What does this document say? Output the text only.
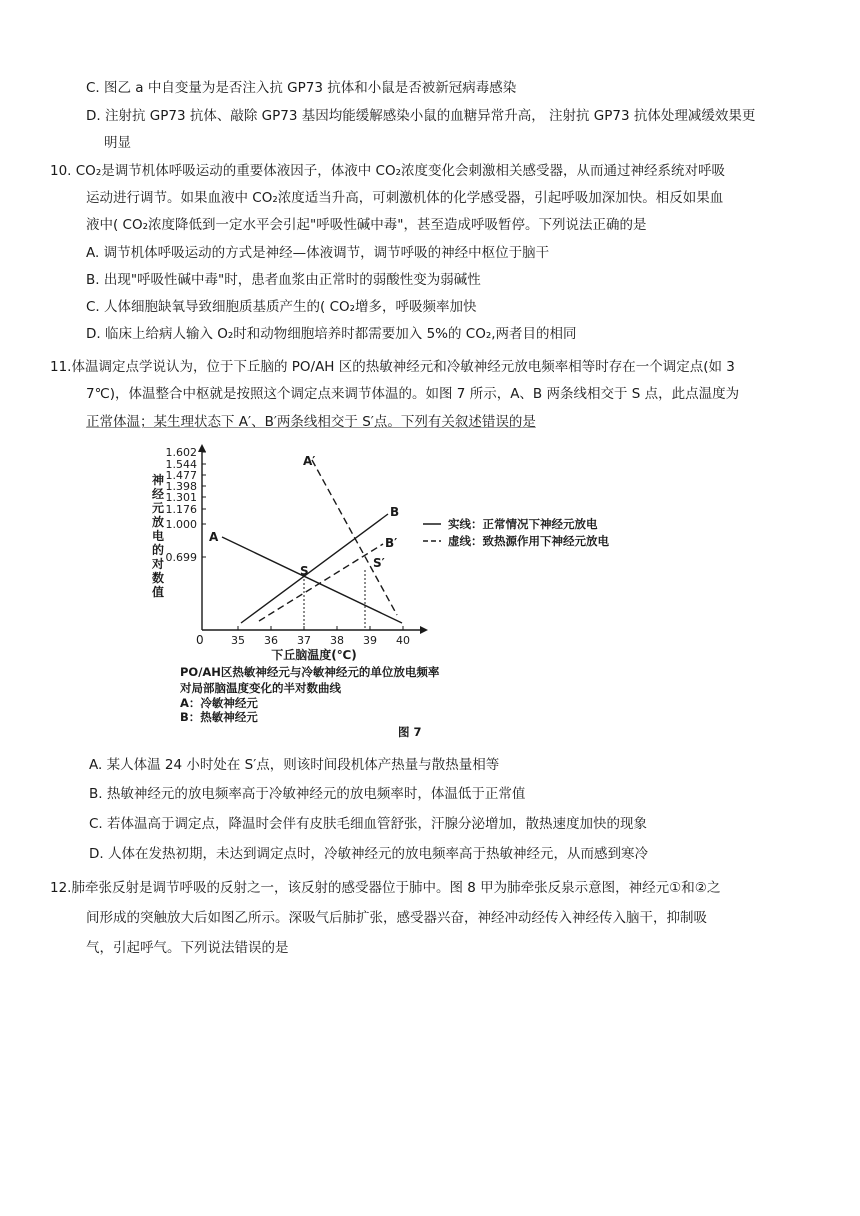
C. 图乙 a 中自变量为是否注入抗 GP73 抗体和小鼠是否被新冠病毒感染
D. 注射抗 GP73 抗体、敲除 GP73 基因均能缓解感染小鼠的血糖异常升高， 注射抗 GP73 抗体处理减缓效果更
明显
10. CO₂是调节机体呼吸运动的重要体液因子，体液中 CO₂浓度变化会刺激相关感受器，从而通过神经系统对呼吸
运动进行调节。如果血液中 CO₂浓度适当升高，可刺激机体的化学感受器，引起呼吸加深加快。相反如果血
液中( CO₂浓度降低到一定水平会引起"呼吸性碱中毒"，甚至造成呼吸暂停。下列说法正确的是
A. 调节机体呼吸运动的方式是神经—体液调节，调节呼吸的神经中枢位于脑干
B. 出现"呼吸性碱中毒"时，患者血浆由正常时的弱酸性变为弱碱性
C. 人体细胞缺氧导致细胞质基质产生的( CO₂增多，呼吸频率加快
D. 临床上给病人输入 O₂时和动物细胞培养时都需要加入 5%的 CO₂,两者目的相同
11.体温调定点学说认为，位于下丘脑的 PO/AH 区的热敏神经元和冷敏神经元放电频率相等时存在一个调定点(如 3
7℃)，体温整合中枢就是按照这个调定点来调节体温的。如图 7 所示，A、B 两条线相交于 S 点，此点温度为
正常体温；某生理状态下 A′、B′两条线相交于 S′点。下列有关叙述错误的是
神
经
元
放
电
的
对
数
值
1.602
1.544
1.477
1.398
1.301
1.176
1.000
0.699
35 36 37 38 39 40
0
下丘脑温度(℃)
A
B
A′
B′
S
S′
实线：正常情况下神经元放电
虚线：致热源作用下神经元放电
PO/AH区热敏神经元与冷敏神经元的单位放电频率
对局部脑温度变化的半对数曲线
A：冷敏神经元
B：热敏神经元
图 7
A. 某人体温 24 小时处在 S′点，则该时间段机体产热量与散热量相等
B. 热敏神经元的放电频率高于冷敏神经元的放电频率时，体温低于正常值
C. 若体温高于调定点，降温时会伴有皮肤毛细血管舒张，汗腺分泌增加，散热速度加快的现象
D. 人体在发热初期，未达到调定点时，冷敏神经元的放电频率高于热敏神经元，从而感到寒冷
12.肺牵张反射是调节呼吸的反射之一，该反射的感受器位于肺中。图 8 甲为肺牵张反泉示意图，神经元①和②之
间形成的突触放大后如图乙所示。深吸气后肺扩张，感受器兴奋，神经冲动经传入神经传入脑干，抑制吸
气，引起呼气。下列说法错误的是
